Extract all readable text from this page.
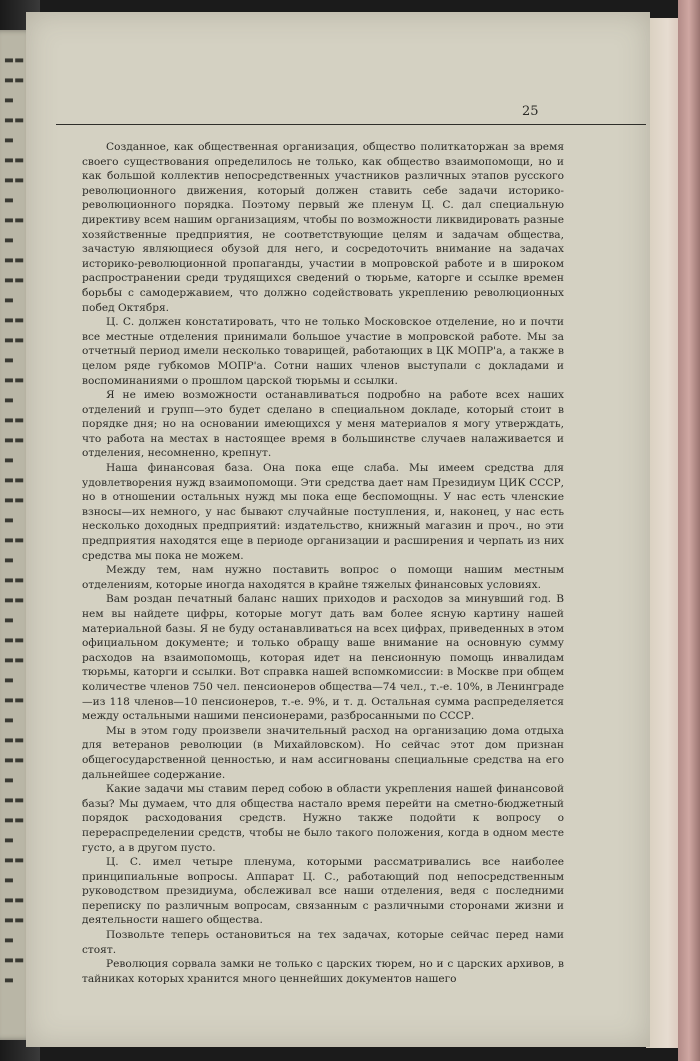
▬▬
▬▬
▬
▬▬
▬
▬▬
▬▬
▬
▬▬
▬
▬▬
▬▬
▬
▬▬
▬▬
▬
▬▬
▬
▬▬
▬▬
▬
▬▬
▬▬
▬
▬▬
▬
▬▬
▬▬
▬
▬▬
▬▬
▬
▬▬
▬
▬▬
▬▬
▬
▬▬
▬▬
▬
▬▬
▬
▬▬
▬▬
▬
▬▬
▬
25

Созданное, как общественная организация, общество политкаторжан за время своего существования определилось не только, как общество взаимопомощи, но и как большой коллектив непосредственных участников различных этапов русского революционного движения, который должен ставить себе задачи историко-революционного порядка. Поэтому первый же пленум Ц. С. дал специальную директиву всем нашим организациям, чтобы по возможности ликвидировать разные хозяйственные предприятия, не соответствующие целям и задачам общества, зачастую являющиеся обузой для него, и сосредоточить внимание на задачах историко-революционной пропаганды, участии в мопровской работе и в широком распространении среди трудящихся сведений о тюрьме, каторге и ссылке времен борьбы с самодержавием, что должно содействовать укреплению революционных побед Октября.

Ц. С. должен констатировать, что не только Московское отделение, но и почти все местные отделения принимали большое участие в мопровской работе. Мы за отчетный период имели несколько товарищей, работающих в ЦК МОПР'а, а также в целом ряде губкомов МОПР'а. Сотни наших членов выступали с докладами и воспоминаниями о прошлом царской тюрьмы и ссылки.

Я не имею возможности останавливаться подробно на работе всех наших отделений и групп—это будет сделано в специальном докладе, который стоит в порядке дня; но на основании имеющихся у меня материалов я могу утверждать, что работа на местах в настоящее время в большинстве случаев налаживается и отделения, несомненно, крепнут.

Наша финансовая база. Она пока еще слаба. Мы имеем средства для удовлетворения нужд взаимопомощи. Эти средства дает нам Президиум ЦИК СССР, но в отношении остальных нужд мы пока еще беспомощны. У нас есть членские взносы—их немного, у нас бывают случайные поступления, и, наконец, у нас есть несколько доходных предприятий: издательство, книжный магазин и проч., но эти предприятия находятся еще в периоде организации и расширения и черпать из них средства мы пока не можем.

Между тем, нам нужно поставить вопрос о помощи нашим местным отделениям, которые иногда находятся в крайне тяжелых финансовых условиях.

Вам роздан печатный баланс наших приходов и расходов за минувший год. В нем вы найдете цифры, которые могут дать вам более ясную картину нашей материальной базы. Я не буду останавливаться на всех цифрах, приведенных в этом официальном документе; и только обращу ваше внимание на основную сумму расходов на взаимопомощь, которая идет на пенсионную помощь инвалидам тюрьмы, каторги и ссылки. Вот справка нашей вспомкомиссии: в Москве при общем количестве членов 750 чел. пенсионеров общества—74 чел., т.-е. 10%, в Ленинграде—из 118 членов—10 пенсионеров, т.-е. 9%, и т. д. Остальная сумма распределяется между остальными нашими пенсионерами, разбросанными по СССР.

Мы в этом году произвели значительный расход на организацию дома отдыха для ветеранов революции (в Михайловском). Но сейчас этот дом признан общегосударственной ценностью, и нам ассигнованы специальные средства на его дальнейшее содержание.

Какие задачи мы ставим перед собою в области укрепления нашей финансовой базы? Мы думаем, что для общества настало время перейти на сметно-бюджетный порядок расходования средств. Нужно также подойти к вопросу о перераспределении средств, чтобы не было такого положения, когда в одном месте густо, а в другом пусто.

Ц. С. имел четыре пленума, которыми рассматривались все наиболее принципиальные вопросы. Аппарат Ц. С., работающий под непосредственным руководством президиума, обслеживал все наши отделения, ведя с последними переписку по различным вопросам, связанным с различными сторонами жизни и деятельности нашего общества.

Позвольте теперь остановиться на тех задачах, которые сейчас перед нами стоят.

Революция сорвала замки не только с царских тюрем, но и с царских архивов, в тайниках которых хранится много ценнейших документов нашего
